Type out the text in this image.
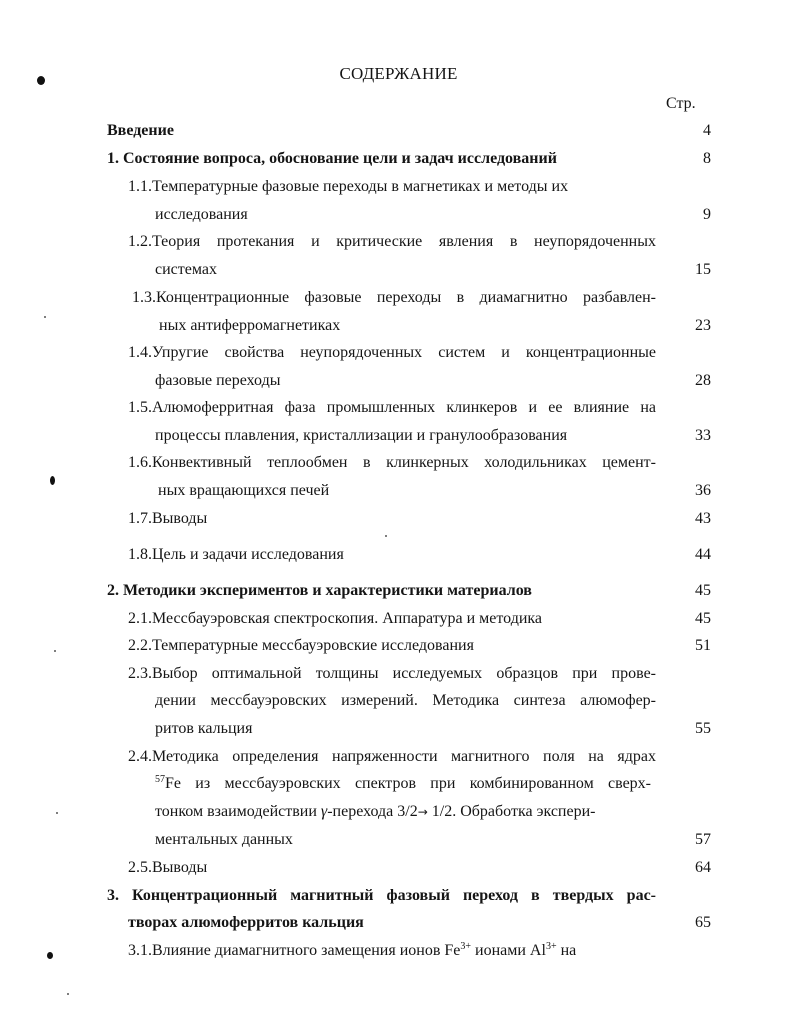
СОДЕРЖАНИЕ
Стр.
Введение	4
1. Состояние вопроса, обоснование цели и задач исследований	8
1.1.Температурные фазовые переходы в магнетиках и методы их
исследования	9
1.2.Теория протекания и критические явления в неупорядоченных
системах	15
1.3.Концентрационные фазовые переходы в диамагнитно разбавлен-
ных антиферромагнетиках	23
1.4.Упругие свойства неупорядоченных систем и концентрационные
фазовые переходы	28
1.5.Алюмоферритная фаза промышленных клинкеров и ее влияние на
процессы плавления, кристаллизации и гранулообразования	33
1.6.Конвективный теплообмен в клинкерных холодильниках цемент-
ных вращающихся печей	36
1.7.Выводы	43
1.8.Цель и задачи исследования	44
2. Методики экспериментов и характеристики материалов	45
2.1.Мессбауэровская спектроскопия. Аппаратура и методика	45
2.2.Температурные мессбауэровские исследования	51
2.3.Выбор оптимальной толщины исследуемых образцов при прове-
дении мессбауэровских измерений. Методика синтеза алюмофер-
ритов кальция	55
2.4.Методика определения напряженности магнитного поля на ядрах
$^{57}$Fe из мессбауэровских спектров при комбинированном сверх-
тонком взаимодействии γ-перехода 3/2→ 1/2. Обработка экспери-
ментальных данных	57
2.5.Выводы	64
3. Концентрационный магнитный фазовый переход в твердых рас-
творах алюмоферритов кальция	65
3.1.Влияние диамагнитного замещения ионов $Fe^{3+}$ ионами $Al^{3+}$ на
